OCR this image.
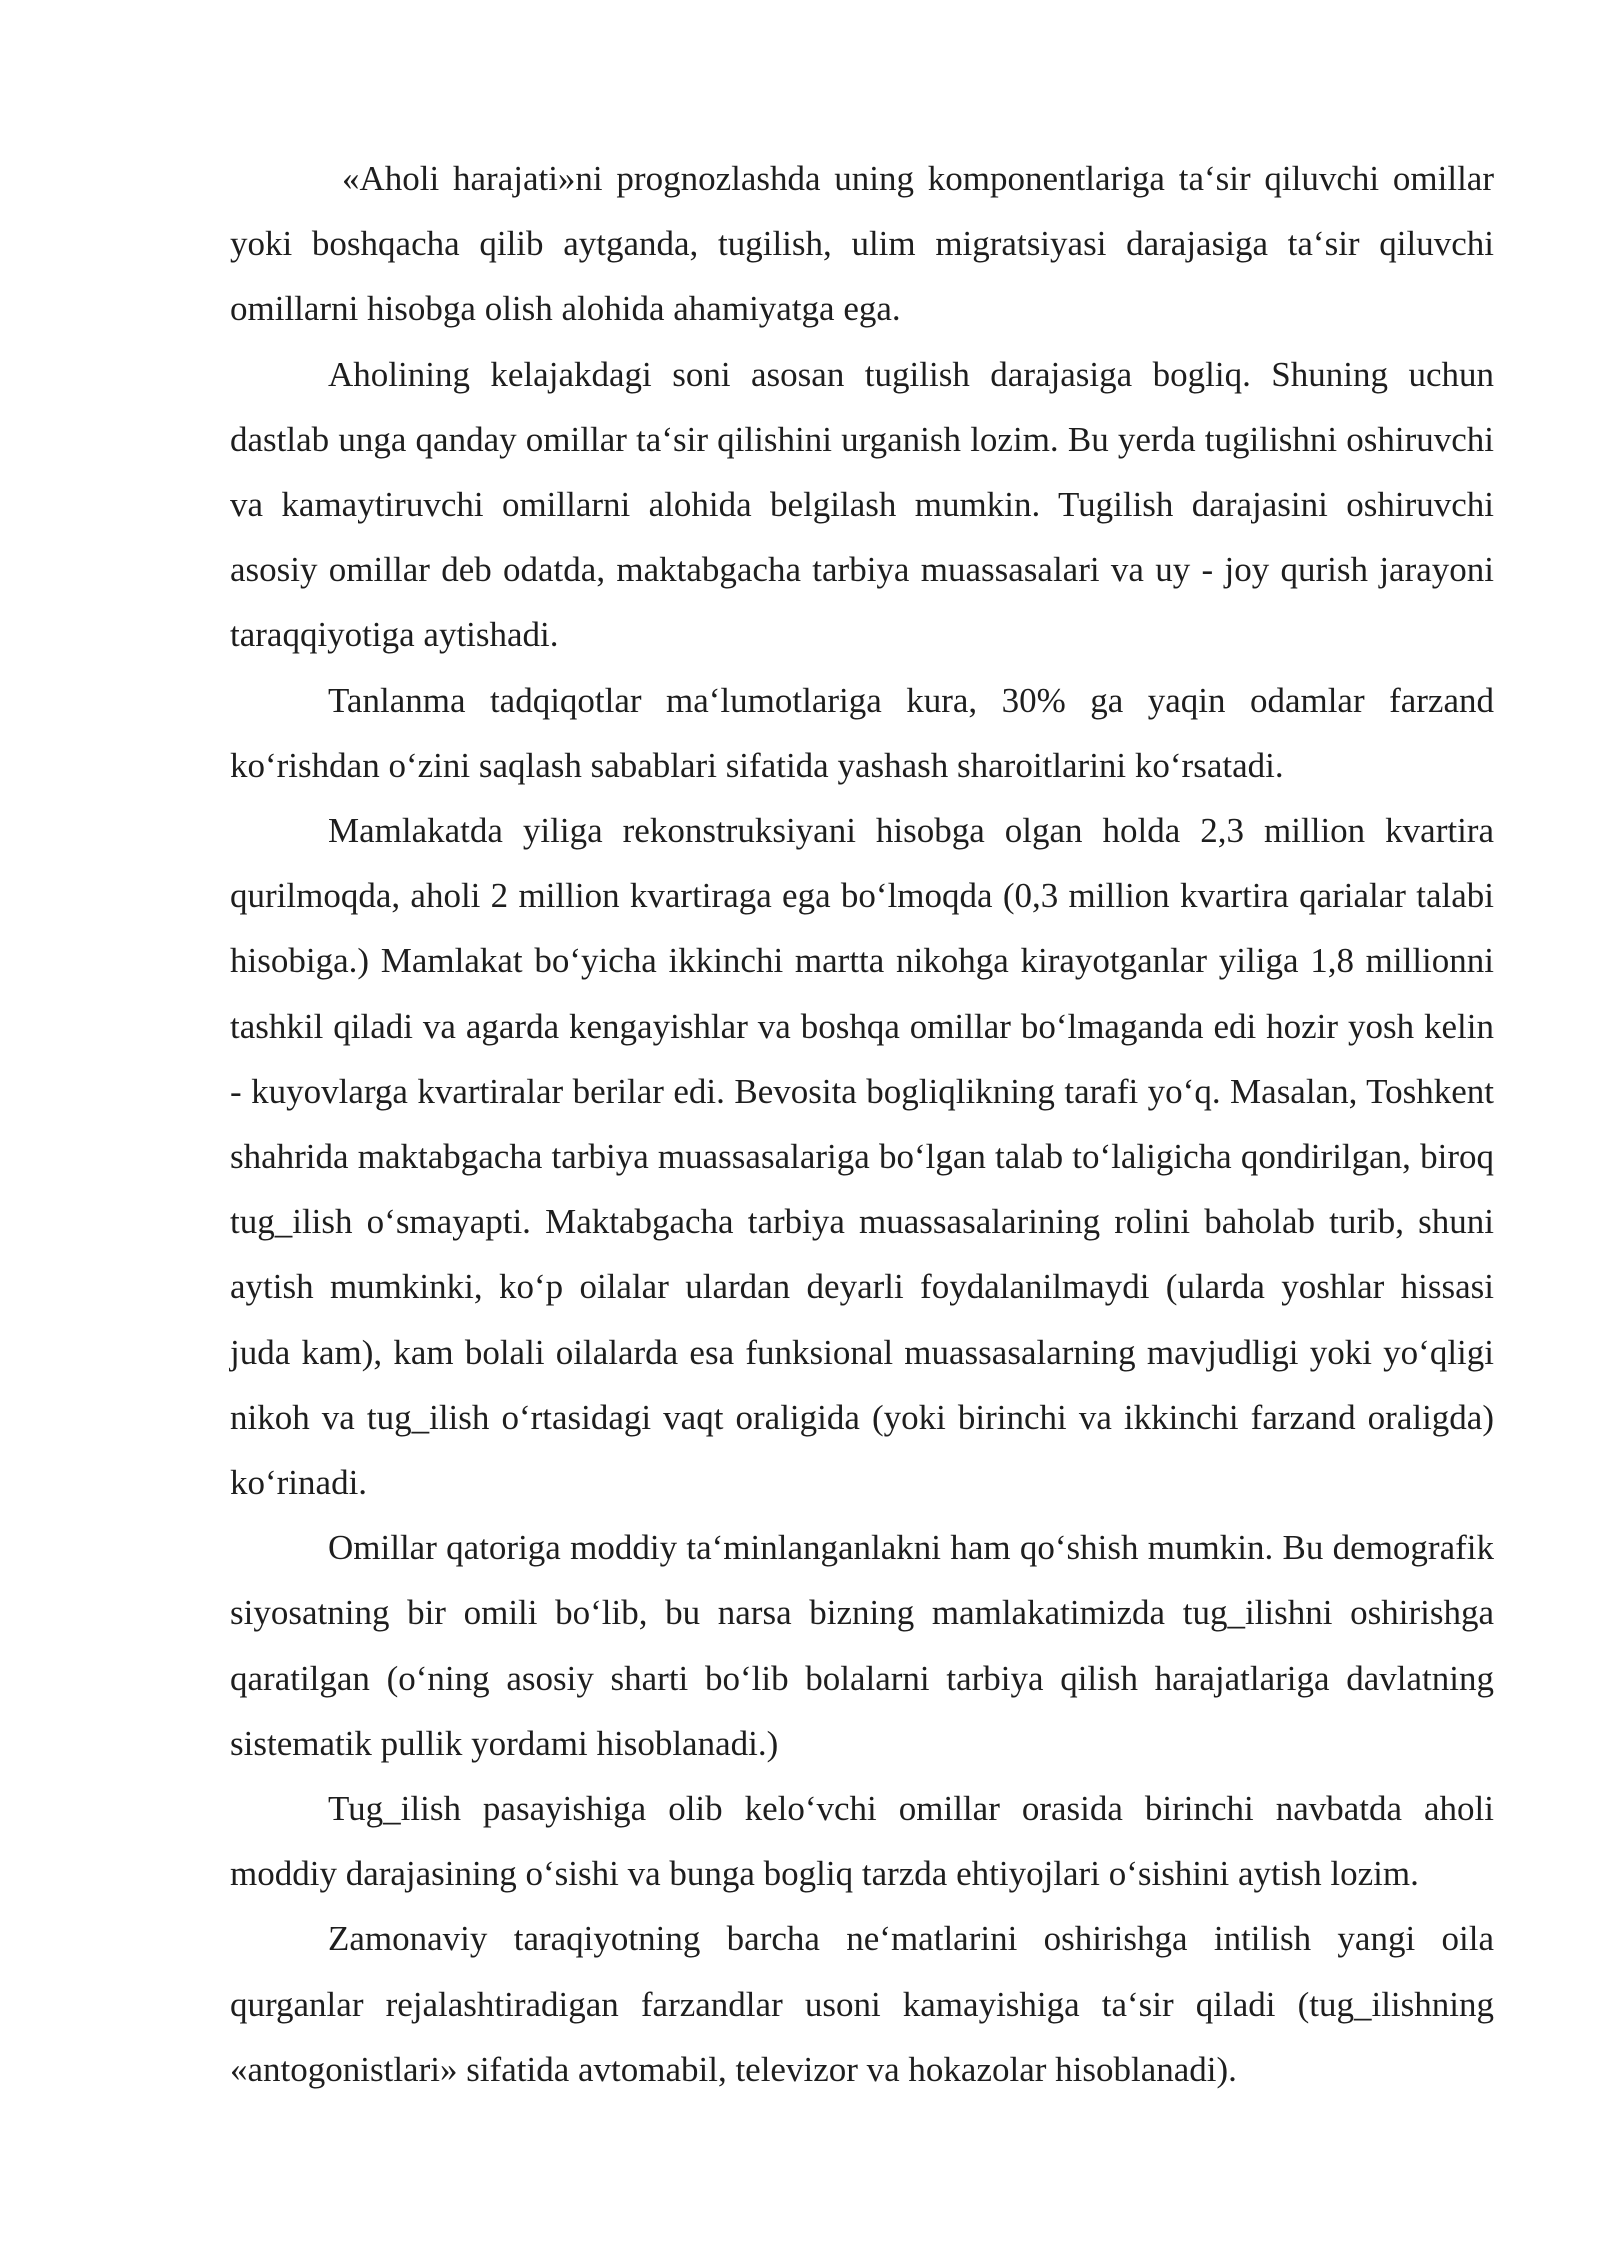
«Aholi harajati»ni prognozlashda uning komponentlariga ta‘sir qiluvchi omillar yoki boshqacha qilib aytganda, tugilish, ulim migratsiyasi darajasiga ta‘sir qiluvchi omillarni hisobga olish alohida ahamiyatga ega.

Aholining kelajakdagi soni asosan tugilish darajasiga bogliq. Shuning uchun dastlab unga qanday omillar ta‘sir qilishini urganish lozim. Bu yerda tugilishni oshiruvchi va kamaytiruvchi omillarni alohida belgilash mumkin. Tugilish darajasini oshiruvchi asosiy omillar deb odatda, maktabgacha tarbiya muassasalari va uy - joy qurish jarayoni taraqqiyotiga aytishadi.

Tanlanma tadqiqotlar ma‘lumotlariga kura, 30% ga yaqin odamlar farzand ko‘rishdan o‘zini saqlash sabablari sifatida yashash sharoitlarini ko‘rsatadi.

Mamlakatda yiliga rekonstruksiyani hisobga olgan holda 2,3 million kvartira qurilmoqda, aholi 2 million kvartiraga ega bo‘lmoqda (0,3 million kvartira qarialar talabi hisobiga.) Mamlakat bo‘yicha ikkinchi martta nikohga kirayotganlar yiliga 1,8 millionni tashkil qiladi va agarda kengayishlar va boshqa omillar bo‘lmaganda edi hozir yosh kelin - kuyovlarga kvartiralar berilar edi. Bevosita bogliqlikning tarafi yo‘q. Masalan, Toshkent shahrida maktabgacha tarbiya muassasalariga bo‘lgan talab to‘laligicha qondirilgan, biroq tug_ilish o‘smayapti. Maktabgacha tarbiya muassasalarining rolini baholab turib, shuni aytish mumkinki, ko‘p oilalar ulardan deyarli foydalanilmaydi (ularda yoshlar hissasi juda kam), kam bolali oilalarda esa funksional muassasalarning mavjudligi yoki yo‘qligi nikoh va tug_ilish o‘rtasidagi vaqt oraligida (yoki birinchi va ikkinchi farzand oraligda) ko‘rinadi.

Omillar qatoriga moddiy ta‘minlanganlakni ham qo‘shish mumkin. Bu demografik siyosatning bir omili bo‘lib, bu narsa bizning mamlakatimizda tug_ilishni oshirishga qaratilgan (o‘ning asosiy sharti bo‘lib bolalarni tarbiya qilish harajatlariga davlatning sistematik pullik yordami hisoblanadi.)

Tug_ilish pasayishiga olib kelo‘vchi omillar orasida birinchi navbatda aholi moddiy darajasining o‘sishi va bunga bogliq tarzda ehtiyojlari o‘sishini aytish lozim.

Zamonaviy taraqiyotning barcha ne‘matlarini oshirishga intilish yangi oila qurganlar rejalashtiradigan farzandlar usoni kamayishiga ta‘sir qiladi (tug_ilishning «antogonistlari» sifatida avtomabil, televizor va hokazolar hisoblanadi).
